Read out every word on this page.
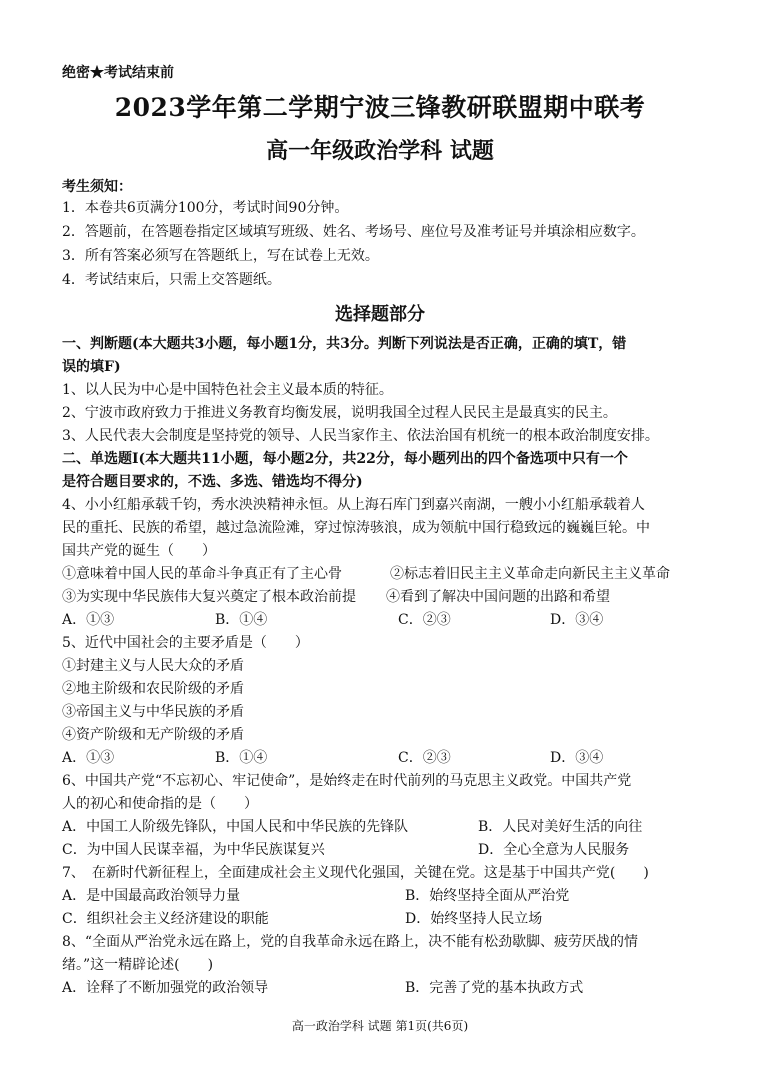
绝密★考试结束前
2023学年第二学期宁波三锋教研联盟期中联考
高一年级政治学科 试题
考生须知：
1．本卷共6页满分100分，考试时间90分钟。
2．答题前，在答题卷指定区域填写班级、姓名、考场号、座位号及准考证号并填涂相应数字。
3．所有答案必须写在答题纸上，写在试卷上无效。
4．考试结束后，只需上交答题纸。
选择题部分
一、判断题(本大题共3小题，每小题1分，共3分。判断下列说法是否正确，正确的填T，错
误的填F)
1、以人民为中心是中国特色社会主义最本质的特征。
2、宁波市政府致力于推进义务教育均衡发展，说明我国全过程人民民主是最真实的民主。
3、人民代表大会制度是坚持党的领导、人民当家作主、依法治国有机统一的根本政治制度安排。
二、单选题Ⅰ(本大题共11小题，每小题2分，共22分，每小题列出的四个备选项中只有一个
是符合题目要求的，不选、多选、错选均不得分)
4、小小红船承载千钧，秀水泱泱精神永恒。从上海石库门到嘉兴南湖，一艘小小红船承载着人
民的重托、民族的希望，越过急流险滩，穿过惊涛骇浪，成为领航中国行稳致远的巍巍巨轮。中
国共产党的诞生（　　）
①意味着中国人民的革命斗争真正有了主心骨	②标志着旧民主主义革命走向新民主主义革命
③为实现中华民族伟大复兴奠定了根本政治前提 ④看到了解决中国问题的出路和希望
A．①③	B．①④	C．②③	D．③④
5、近代中国社会的主要矛盾是（　　）
①封建主义与人民大众的矛盾
②地主阶级和农民阶级的矛盾
③帝国主义与中华民族的矛盾
④资产阶级和无产阶级的矛盾
A．①③	B．①④	C．②③	D．③④
6、中国共产党“不忘初心、牢记使命”，是始终走在时代前列的马克思主义政党。中国共产党
人的初心和使命指的是（　　）
A．中国工人阶级先锋队，中国人民和中华民族的先锋队	B．人民对美好生活的向往
C．为中国人民谋幸福，为中华民族谋复兴	D．全心全意为人民服务
7、　在新时代新征程上，全面建成社会主义现代化强国，关键在党。这是基于中国共产党(　　)
A．是中国最高政治领导力量	B．始终坚持全面从严治党
C．组织社会主义经济建设的职能	D．始终坚持人民立场
8、“全面从严治党永远在路上，党的自我革命永远在路上，决不能有松劲歇脚、疲劳厌战的情
绪。”这一精辟论述(　　)
A．诠释了不断加强党的政治领导	B．完善了党的基本执政方式
高一政治学科 试题 第1页(共6页)
